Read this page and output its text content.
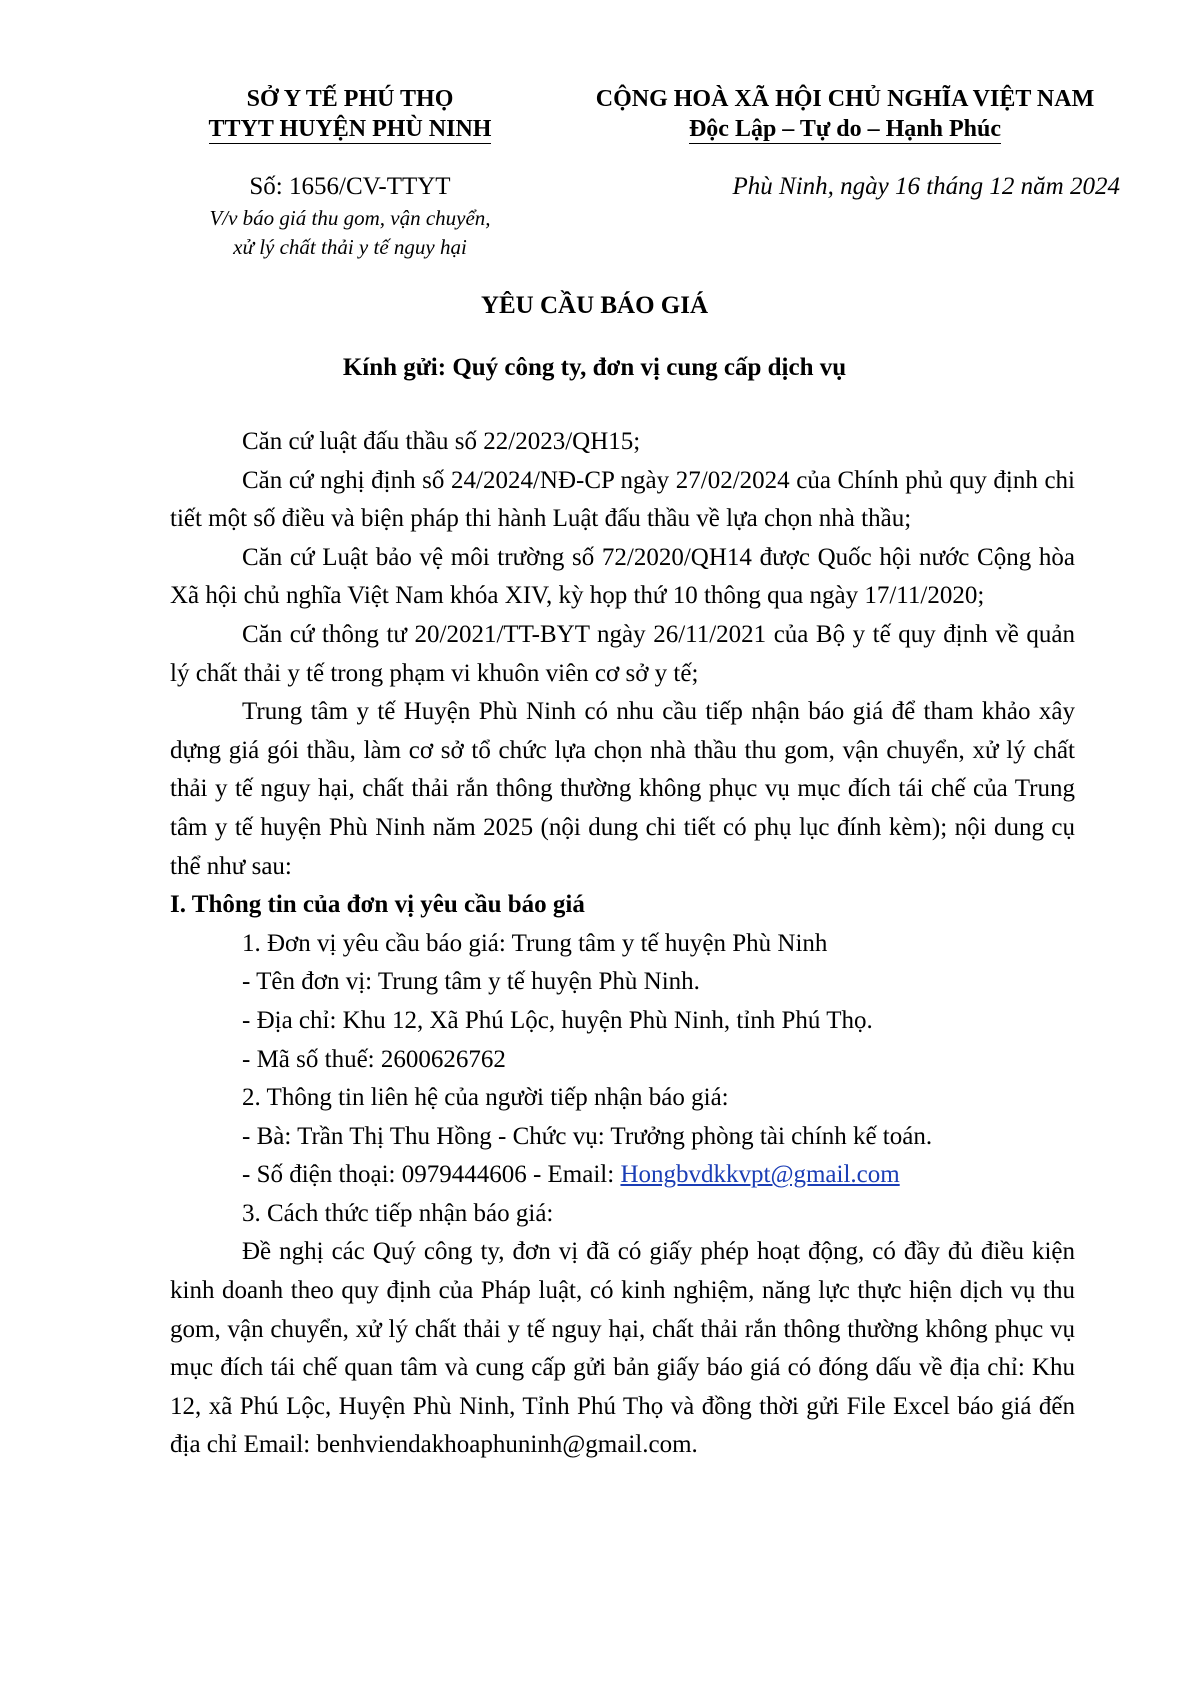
SỞ Y TẾ PHÚ THỌ
TTYT HUYỆN PHÙ NINH
CỘNG HOÀ XÃ HỘI CHỦ NGHĨA VIỆT NAM
Độc Lập – Tự do – Hạnh Phúc
Số: 1656/CV-TTYT
V/v báo giá thu gom, vận chuyển,
xử lý chất thải y tế nguy hại
Phù Ninh, ngày 16 tháng 12 năm 2024
YÊU CẦU BÁO GIÁ
Kính gửi: Quý công ty, đơn vị cung cấp dịch vụ

Căn cứ luật đấu thầu số 22/2023/QH15;

Căn cứ nghị định số 24/2024/NĐ-CP ngày 27/02/2024 của Chính phủ quy định chi tiết một số điều và biện pháp thi hành Luật đấu thầu về lựa chọn nhà thầu;

Căn cứ Luật bảo vệ môi trường số 72/2020/QH14 được Quốc hội nước Cộng hòa Xã hội chủ nghĩa Việt Nam khóa XIV, kỳ họp thứ 10 thông qua ngày 17/11/2020;

Căn cứ thông tư 20/2021/TT-BYT ngày 26/11/2021 của Bộ y tế quy định về quản lý chất thải y tế trong phạm vi khuôn viên cơ sở y tế;

Trung tâm y tế Huyện Phù Ninh có nhu cầu tiếp nhận báo giá để tham khảo xây dựng giá gói thầu, làm cơ sở tổ chức lựa chọn nhà thầu thu gom, vận chuyển, xử lý chất thải y tế nguy hại, chất thải rắn thông thường không phục vụ mục đích tái chế của Trung tâm y tế huyện Phù Ninh năm 2025 (nội dung chi tiết có phụ lục đính kèm); nội dung cụ thể như sau:

I. Thông tin của đơn vị yêu cầu báo giá

1. Đơn vị yêu cầu báo giá: Trung tâm y tế huyện Phù Ninh

- Tên đơn vị: Trung tâm y tế huyện Phù Ninh.

- Địa chỉ: Khu 12, Xã Phú Lộc, huyện Phù Ninh, tỉnh Phú Thọ.

- Mã số thuế: 2600626762

2. Thông tin liên hệ của người tiếp nhận báo giá:

- Bà: Trần Thị Thu Hồng - Chức vụ: Trưởng phòng tài chính kế toán.

- Số điện thoại: 0979444606 - Email: Hongbvdkkvpt@gmail.com

3. Cách thức tiếp nhận báo giá:

Đề nghị các Quý công ty, đơn vị đã có giấy phép hoạt động, có đầy đủ điều kiện kinh doanh theo quy định của Pháp luật, có kinh nghiệm, năng lực thực hiện dịch vụ thu gom, vận chuyển, xử lý chất thải y tế nguy hại, chất thải rắn thông thường không phục vụ mục đích tái chế quan tâm và cung cấp gửi bản giấy báo giá có đóng dấu về địa chỉ: Khu 12, xã Phú Lộc, Huyện Phù Ninh, Tỉnh Phú Thọ và đồng thời gửi File Excel báo giá đến địa chỉ Email: benhviendakhoaphuninh@gmail.com.
